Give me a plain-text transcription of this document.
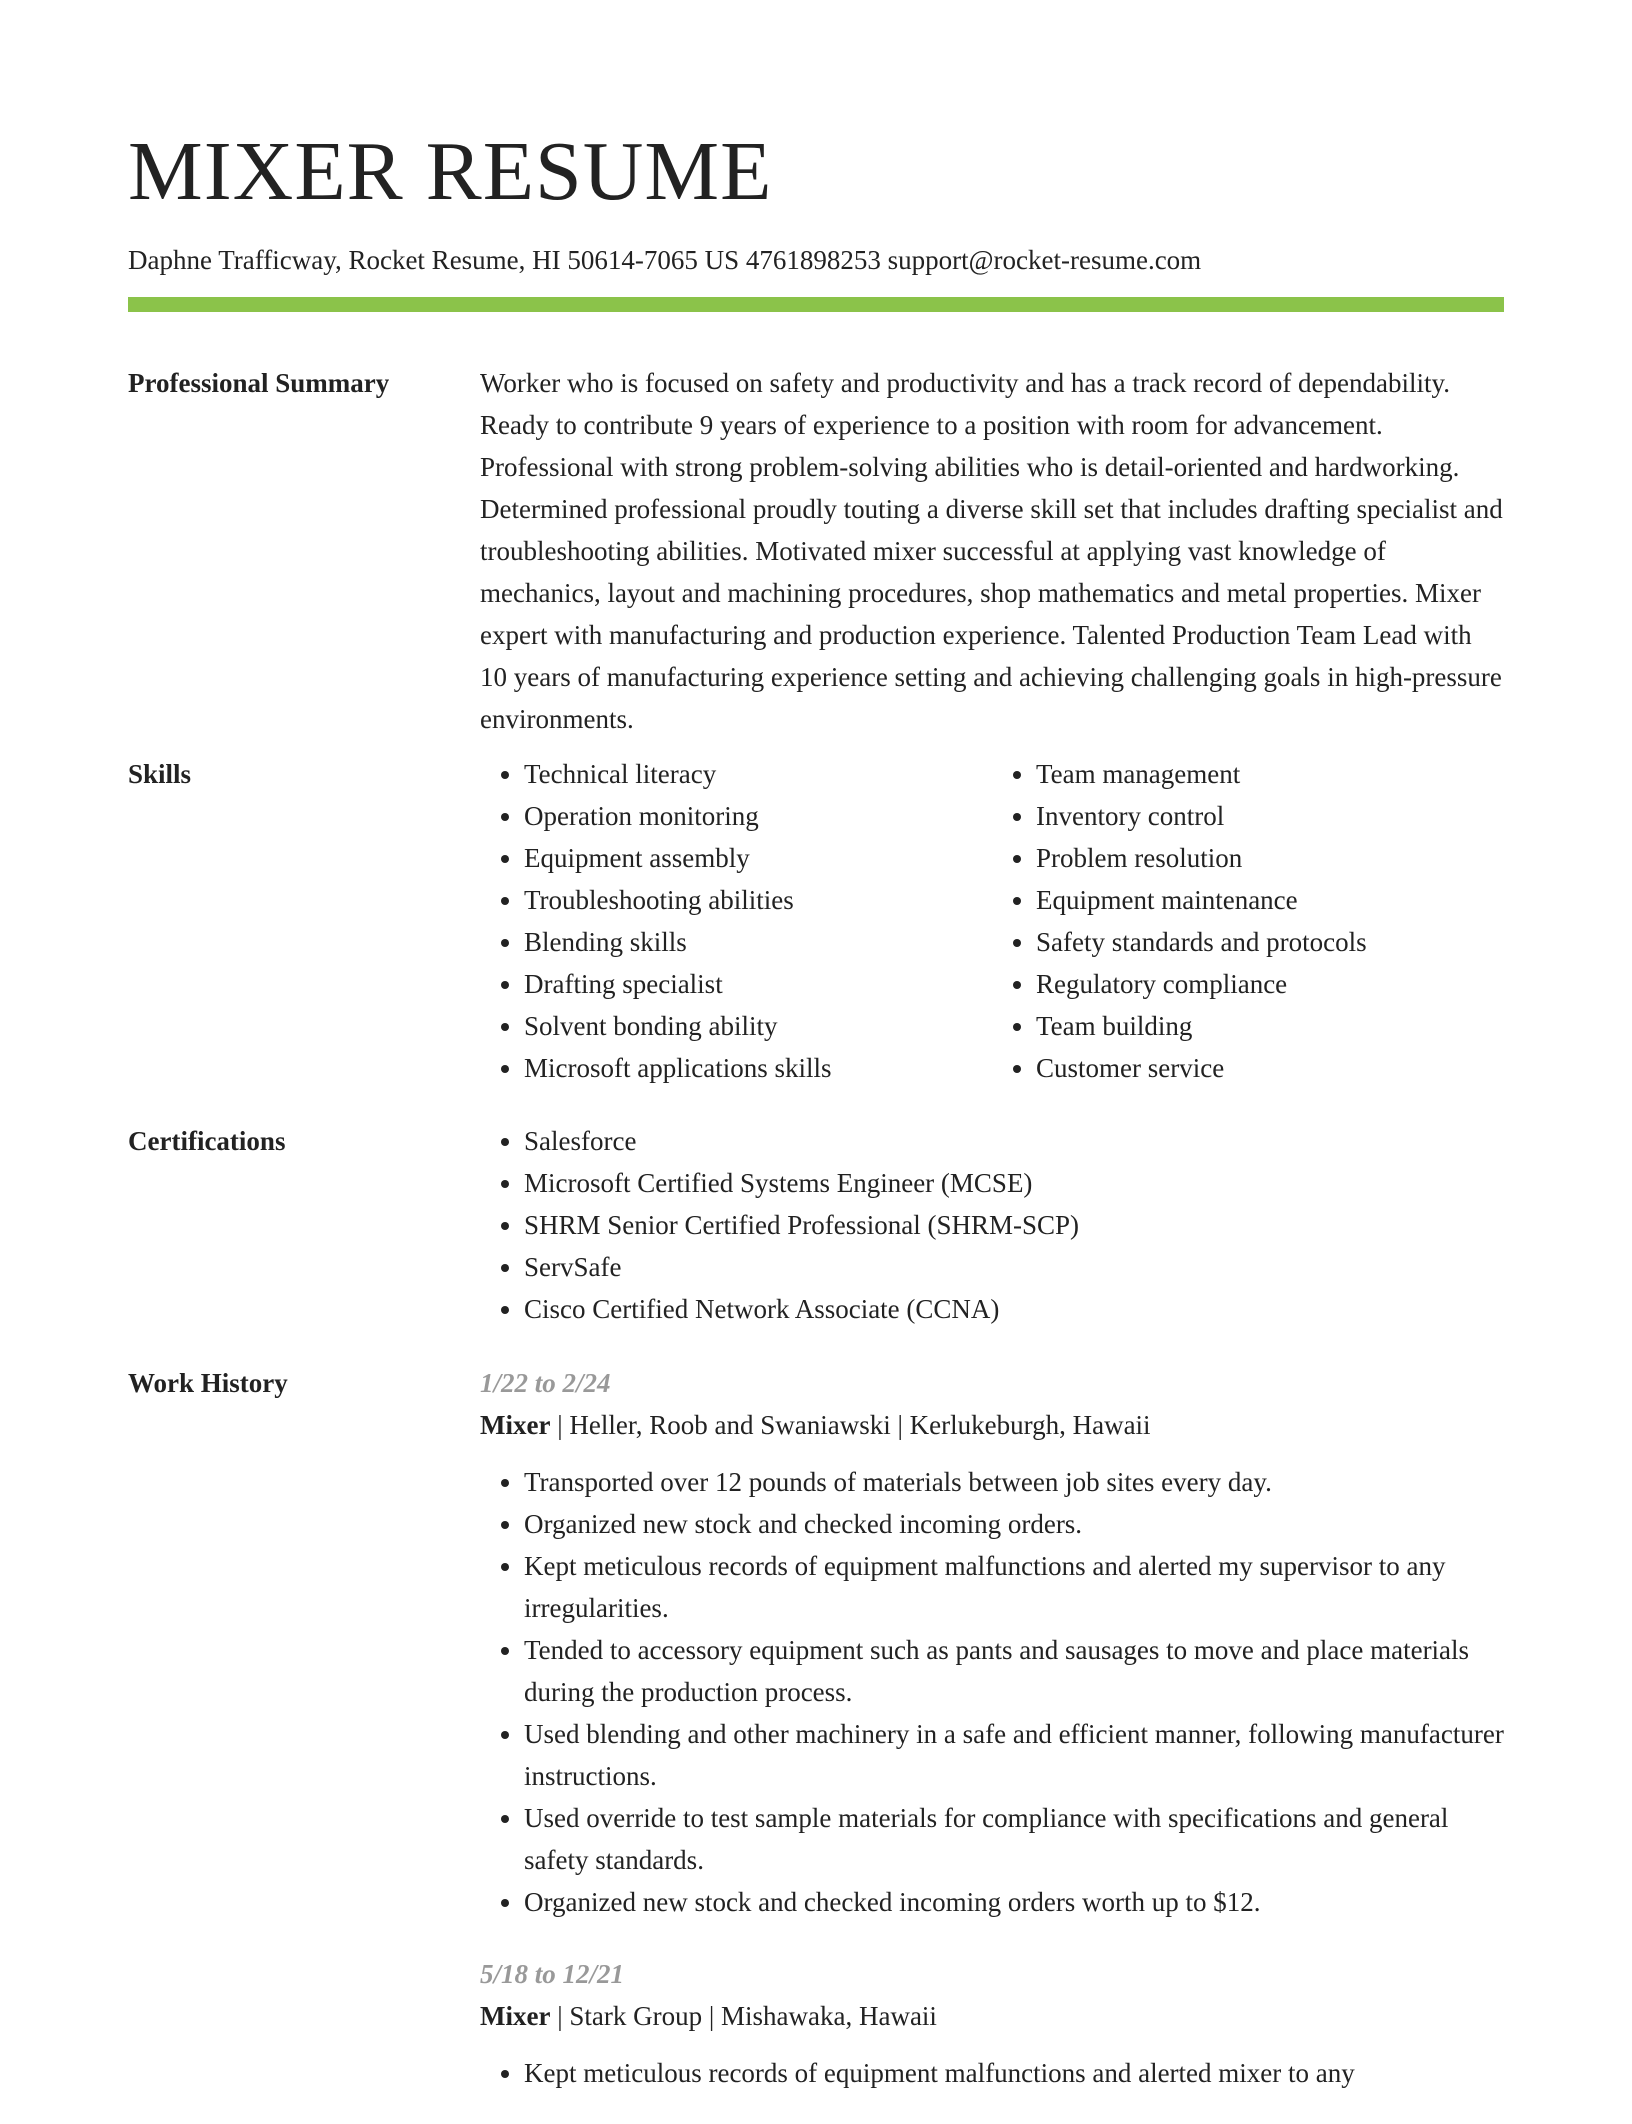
MIXER RESUME
Daphne Trafficway, Rocket Resume, HI 50614-7065 US 4761898253 support@rocket-resume.com
Professional Summary	Worker who is focused on safety and productivity and has a track record of dependability. Ready to contribute 9 years of experience to a position with room for advancement. Professional with strong problem-solving abilities who is detail-oriented and hardworking. Determined professional proudly touting a diverse skill set that includes drafting specialist and troubleshooting abilities. Motivated mixer successful at applying vast knowledge of mechanics, layout and machining procedures, shop mathematics and metal properties. Mixer expert with manufacturing and production experience. Talented Production Team Lead with 10 years of manufacturing experience setting and achieving challenging goals in high-pressure environments.

Skills	• Technical literacy
• Operation monitoring
• Equipment assembly
• Troubleshooting abilities
• Blending skills
• Drafting specialist
• Solvent bonding ability
• Microsoft applications skills
• Team management
• Inventory control
• Problem resolution
• Equipment maintenance
• Safety standards and protocols
• Regulatory compliance
• Team building
• Customer service
Certifications	• Salesforce
• Microsoft Certified Systems Engineer (MCSE)
• SHRM Senior Certified Professional (SHRM-SCP)
• ServSafe
• Cisco Certified Network Associate (CCNA)
Work History	1/22 to 2/24
Mixer | Heller, Roob and Swaniawski | Kerlukeburgh, Hawaii
• Transported over 12 pounds of materials between job sites every day.
• Organized new stock and checked incoming orders.
• Kept meticulous records of equipment malfunctions and alerted my supervisor to any irregularities.
• Tended to accessory equipment such as pants and sausages to move and place materials during the production process.
• Used blending and other machinery in a safe and efficient manner, following manufacturer instructions.
• Used override to test sample materials for compliance with specifications and general safety standards.
• Organized new stock and checked incoming orders worth up to $12.
5/18 to 12/21
Mixer | Stark Group | Mishawaka, Hawaii
• Kept meticulous records of equipment malfunctions and alerted mixer to any
